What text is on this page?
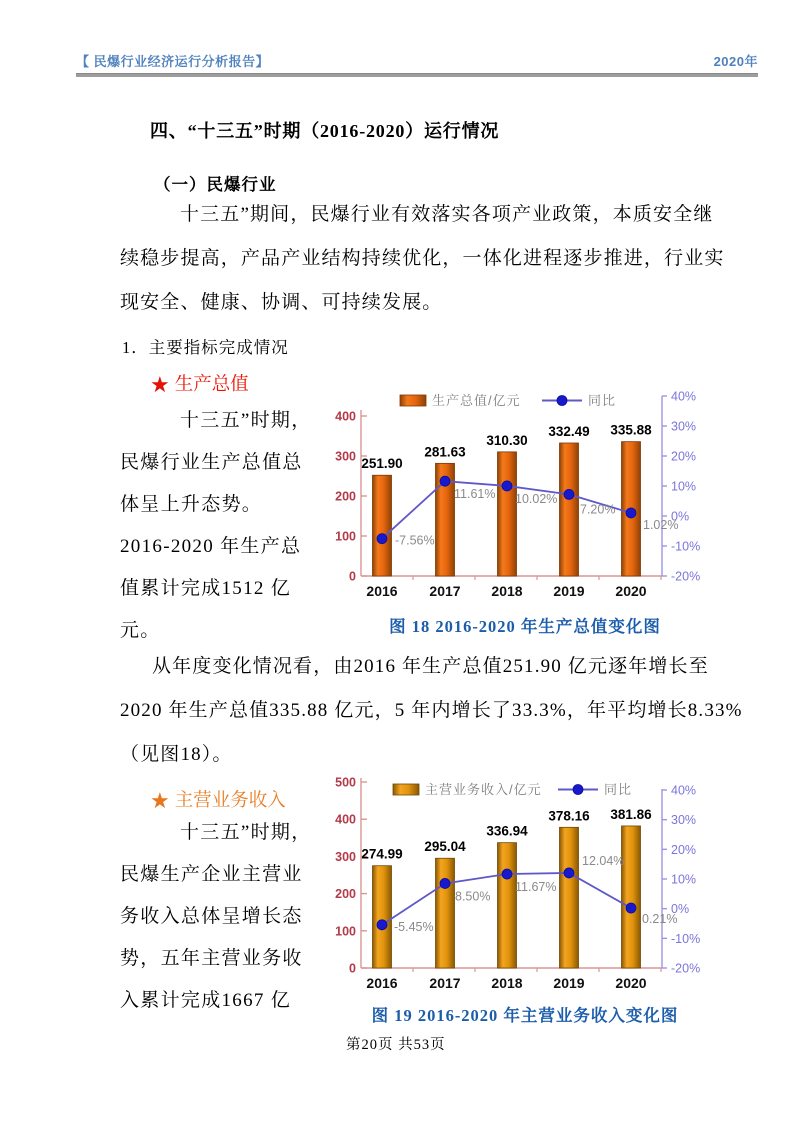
【 民爆行业经济运行分析报告】	2020年
四、“十三五”时期（2016-2020）运行情况
（一）民爆行业
十三五”期间，民爆行业有效落实各项产业政策，本质安全继
续稳步提高，产品产业结构持续优化，一体化进程逐步推进，行业实
现安全、健康、协调、可持续发展。
1．主要指标完成情况
★ 生产总值
十三五”时期，
民爆行业生产总值总
体呈上升态势。
2016-2020 年生产总
值累计完成1512 亿
元。
0
100
200
300
400
-20%
-10%
0%
10%
20%
30%
40%
251.90
2016
281.63
2017
310.30
2018
332.49
2019
335.88
2020
-7.56%
11.61% 10.02%
7.20%
1.02%
生产总值/亿元	同比
图 18 2016-2020 年生产总值变化图
从年度变化情况看，由2016 年生产总值251.90 亿元逐年增长至
2020 年生产总值335.88 亿元，5 年内增长了33.3%，年平均增长8.33%
（见图18）。
★ 主营业务收入
十三五”时期，
民爆生产企业主营业
务收入总体呈增长态
势，五年主营业务收
入累计完成1667 亿
0
100
200
300
400
500
-20%
-10%
0%
10%
20%
30%
40%
274.99
2016
295.04
2017
336.94
2018
378.16
2019
381.86
2020
-5.45%
8.50%
11.67%
12.04%
0.21%
主营业务收入/亿元	同比
图 19 2016-2020 年主营业务收入变化图
第20页 共53页
